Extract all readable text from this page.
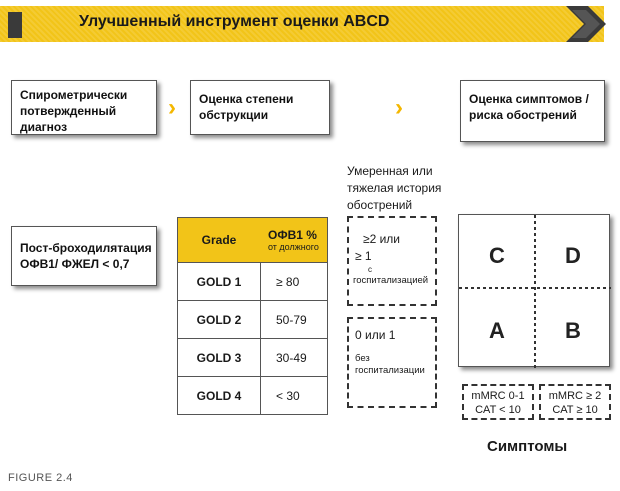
Улучшенный инструмент оценки ABCD
Спирометрически
потвержденный
диагноз
› Оценка степени
обструкции	›	Оценка симптомов /
риска обострений
Пост-броходилятация
ОФВ1/ ФЖЕЛ < 0,7
Grade	ОФВ1 %
от должного
GOLD 1	≥ 80
GOLD 2	50-79
GOLD 3	30-49
GOLD 4	< 30
Умеренная или
тяжелая история
обострений
≥2 или
≥ 1
с
госпитализацией
0 или 1
без
госпитализации
C	D
A	B
mMRC 0-1
CAT < 10
mMRC ≥ 2
CAT ≥ 10
Симптомы
FIGURE 2.4
